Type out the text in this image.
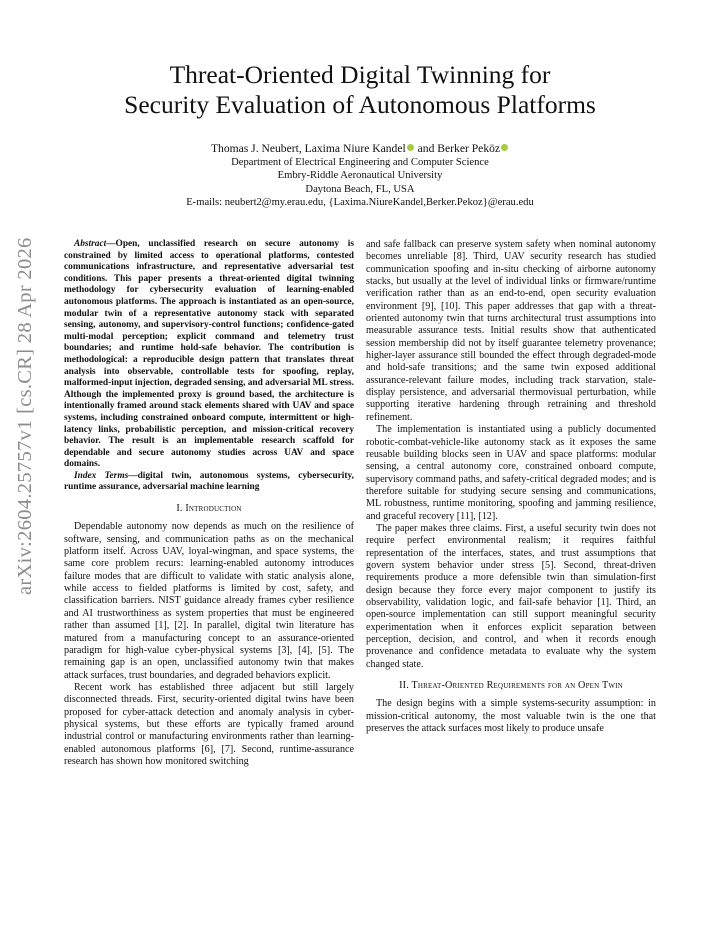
arXiv:2604.25757v1 [cs.CR] 28 Apr 2026
Threat-Oriented Digital Twinning for
Security Evaluation of Autonomous Platforms
Thomas J. Neubert, Laxima Niure Kandel and Berker Peköz
Department of Electrical Engineering and Computer Science
Embry-Riddle Aeronautical University
Daytona Beach, FL, USA
E-mails: neubert2@my.erau.edu, {Laxima.NiureKandel,Berker.Pekoz}@erau.edu

Abstract—Open, unclassified research on secure autonomy is constrained by limited access to operational platforms, contested communications infrastructure, and representative adversarial test conditions. This paper presents a threat-oriented digital twinning methodology for cybersecurity evaluation of learning-enabled autonomous platforms. The approach is instantiated as an open-source, modular twin of a representative autonomy stack with separated sensing, autonomy, and supervisory-control functions; confidence-gated multi-modal perception; explicit command and telemetry trust boundaries; and runtime hold-safe behavior. The contribution is methodological: a reproducible design pattern that translates threat analysis into observable, controllable tests for spoofing, replay, malformed-input injection, degraded sensing, and adversarial ML stress. Although the implemented proxy is ground based, the architecture is intentionally framed around stack elements shared with UAV and space systems, including constrained onboard compute, intermittent or high-latency links, probabilistic perception, and mission-critical recovery behavior. The result is an implementable research scaffold for dependable and secure autonomy studies across UAV and space domains.

Index Terms—digital twin, autonomous systems, cybersecurity, runtime assurance, adversarial machine learning

I. Introduction

Dependable autonomy now depends as much on the resilience of software, sensing, and communication paths as on the mechanical platform itself. Across UAV, loyal-wingman, and space systems, the same core problem recurs: learning-enabled autonomy introduces failure modes that are difficult to validate with static analysis alone, while access to fielded platforms is limited by cost, safety, and classification barriers. NIST guidance already frames cyber resilience and AI trustworthiness as system properties that must be engineered rather than assumed [1], [2]. In parallel, digital twin literature has matured from a manufacturing concept to an assurance-oriented paradigm for high-value cyber-physical systems [3], [4], [5]. The remaining gap is an open, unclassified autonomy twin that makes attack surfaces, trust boundaries, and degraded behaviors explicit.

Recent work has established three adjacent but still largely disconnected threads. First, security-oriented digital twins have been proposed for cyber-attack detection and anomaly analysis in cyber-physical systems, but these efforts are typically framed around industrial control or manufacturing environments rather than learning-enabled autonomous platforms [6], [7]. Second, runtime-assurance research has shown how monitored switching

and safe fallback can preserve system safety when nominal autonomy becomes unreliable [8]. Third, UAV security research has studied communication spoofing and in-situ checking of airborne autonomy stacks, but usually at the level of individual links or firmware/runtime verification rather than as an end-to-end, open security evaluation environment [9], [10]. This paper addresses that gap with a threat-oriented autonomy twin that turns architectural trust assumptions into measurable assurance tests. Initial results show that authenticated session membership did not by itself guarantee telemetry provenance; higher-layer assurance still bounded the effect through degraded-mode and hold-safe transitions; and the same twin exposed additional assurance-relevant failure modes, including track starvation, stale-display persistence, and adversarial thermovisual perturbation, while supporting iterative hardening through retraining and threshold refinement.

The implementation is instantiated using a publicly documented robotic-combat-vehicle-like autonomy stack as it exposes the same reusable building blocks seen in UAV and space platforms: modular sensing, a central autonomy core, constrained onboard compute, supervisory command paths, and safety-critical degraded modes; and is therefore suitable for studying secure sensing and communications, ML robustness, runtime monitoring, spoofing and jamming resilience, and graceful recovery [11], [12].

The paper makes three claims. First, a useful security twin does not require perfect environmental realism; it requires faithful representation of the interfaces, states, and trust assumptions that govern system behavior under stress [5]. Second, threat-driven requirements produce a more defensible twin than simulation-first design because they force every major component to justify its observability, validation logic, and fail-safe behavior [1]. Third, an open-source implementation can still support meaningful security experimentation when it enforces explicit separation between perception, decision, and control, and when it records enough provenance and confidence metadata to evaluate why the system changed state.

II. Threat-Oriented Requirements for an Open Twin

The design begins with a simple systems-security assumption: in mission-critical autonomy, the most valuable twin is the one that preserves the attack surfaces most likely to produce unsafe
